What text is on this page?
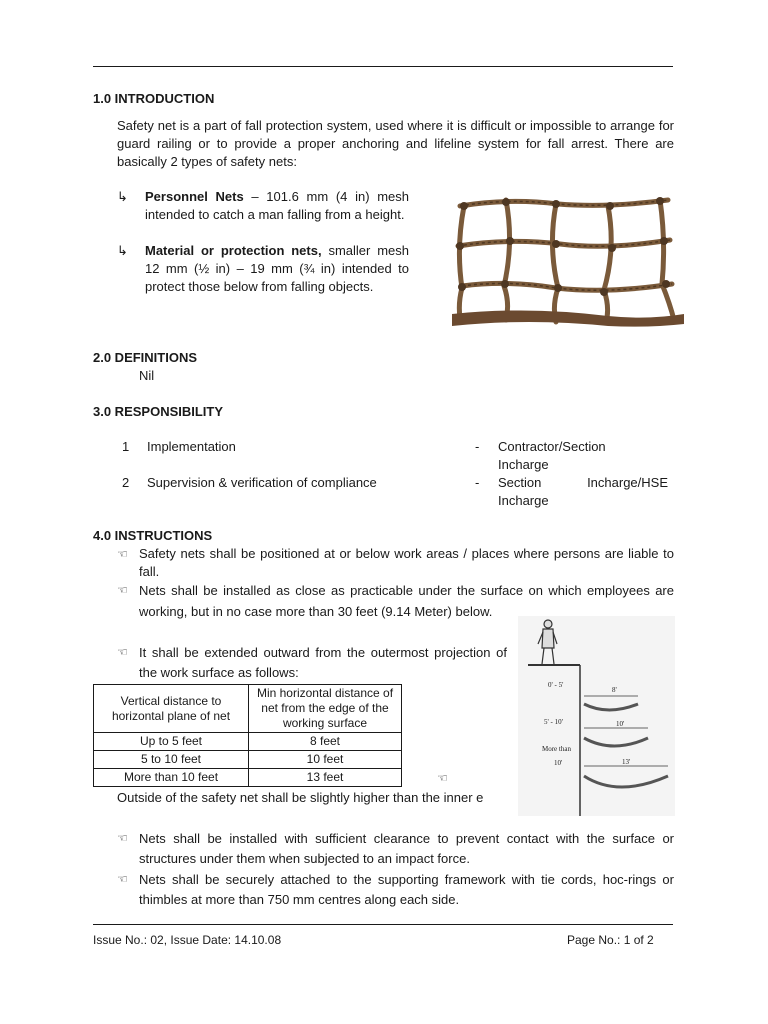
1.0 INTRODUCTION
Safety net is a part of fall protection system, used where it is difficult or impossible to arrange for guard railing or to provide a proper anchoring and lifeline system for fall arrest. There are basically 2 types of safety nets:
↳ Personnel Nets – 101.6 mm (4 in) mesh intended to catch a man falling from a height.
↳ Material or protection nets, smaller mesh 12 mm (½ in) – 19 mm (¾ in) intended to protect those below from falling objects.
2.0 DEFINITIONS
Nil
3.0 RESPONSIBILITY
1 Implementation	- Contractor/Section
Incharge
2 Supervision & verification of compliance	- Section Incharge/HSE
Incharge
4.0 INSTRUCTIONS
☜ Safety nets shall be positioned at or below work areas / places where persons are liable to fall.
☜ Nets shall be installed as close as practicable under the surface on which employees are working, but in no case more than 30 feet (9.14 Meter) below.
☜ It shall be extended outward from the outermost projection of the work surface as follows:
Vertical distance to horizontal plane of net	Min horizontal distance of net from the edge of the working surface
Up to 5 feet	8 feet
5 to 10 feet	10 feet
More than 10 feet	13 feet	☜
Outside of the safety net shall be slightly higher than the inner e
0' - 5'
8'
5' - 10'	10'
More than
10'	13'
☜ Nets shall be installed with sufficient clearance to prevent contact with the surface or structures under them when subjected to an impact force.
☜ Nets shall be securely attached to the supporting framework with tie cords, hoc-rings or thimbles at more than 750 mm centres along each side.
Issue No.: 02, Issue Date: 14.10.08	Page No.: 1 of 2
